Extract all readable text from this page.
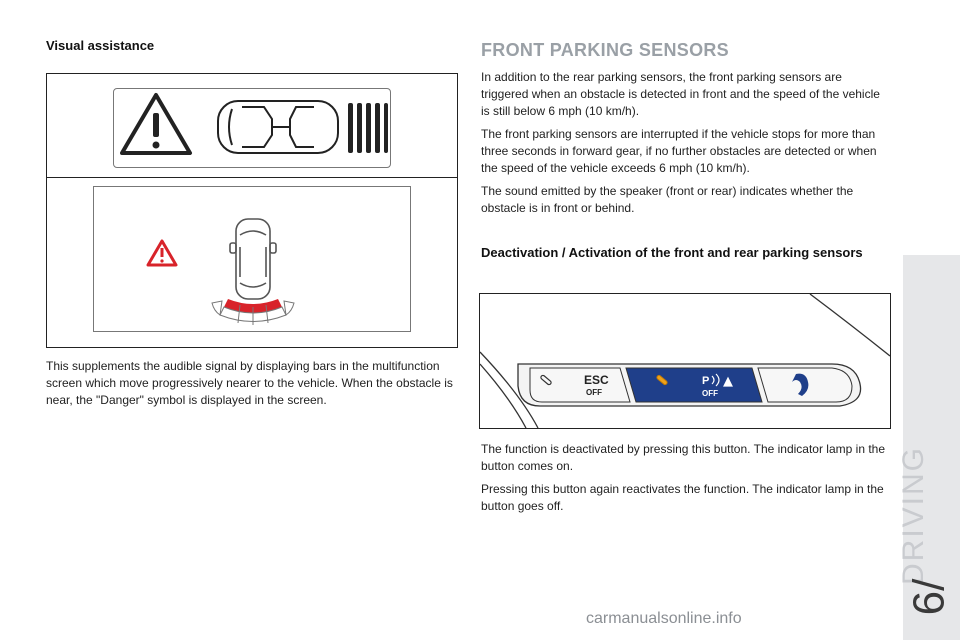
Visual assistance
This supplements the audible signal by displaying bars in the multifunction screen which move progressively nearer to the vehicle. When the obstacle is near, the "Danger" symbol is displayed in the screen.
FRONT PARKING SENSORS

In addition to the rear parking sensors, the front parking sensors are triggered when an obstacle is detected in front and the speed of the vehicle is still below 6 mph (10 km/h).

The front parking sensors are interrupted if the vehicle stops for more than three seconds in forward gear, if no further obstacles are detected or when the speed of the vehicle exceeds 6 mph (10 km/h).

The sound emitted by the speaker (front or rear) indicates whether the obstacle is in front or behind.

Deactivation / Activation of the front and rear parking sensors
ESC
OFF
P
OFF

The function is deactivated by pressing this button. The indicator lamp in the button comes on.

Pressing this button again reactivates the function. The indicator lamp in the button goes off.	DRIVING
6/
carmanualsonline.info
